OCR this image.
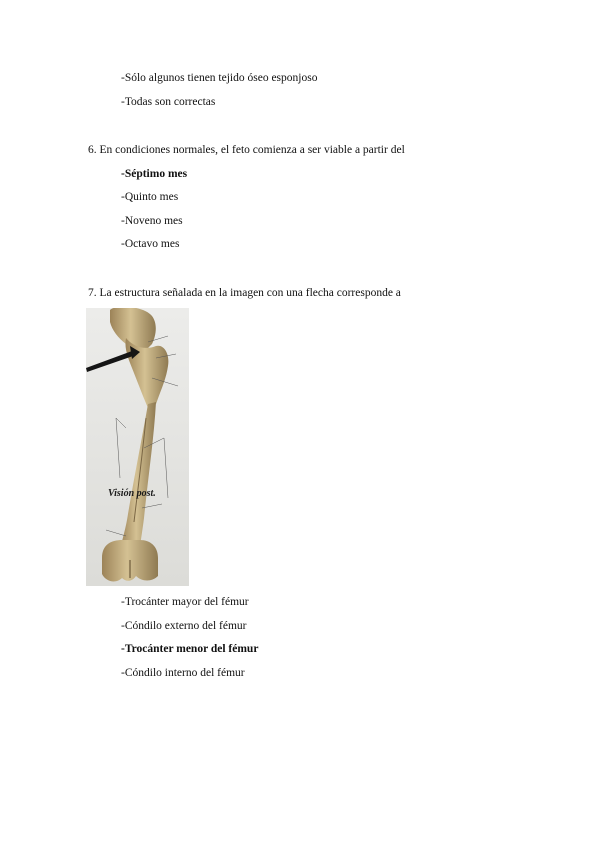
-Sólo algunos tienen tejido óseo esponjoso
-Todas son correctas
6. En condiciones normales, el feto comienza a ser viable a partir del
-Séptimo mes
-Quinto mes
-Noveno mes
-Octavo mes
7. La estructura señalada en la imagen con una flecha corresponde a
Visión post.
-Trocánter mayor del fémur
-Cóndilo externo del fémur
-Trocánter menor del fémur
-Cóndilo interno del fémur
